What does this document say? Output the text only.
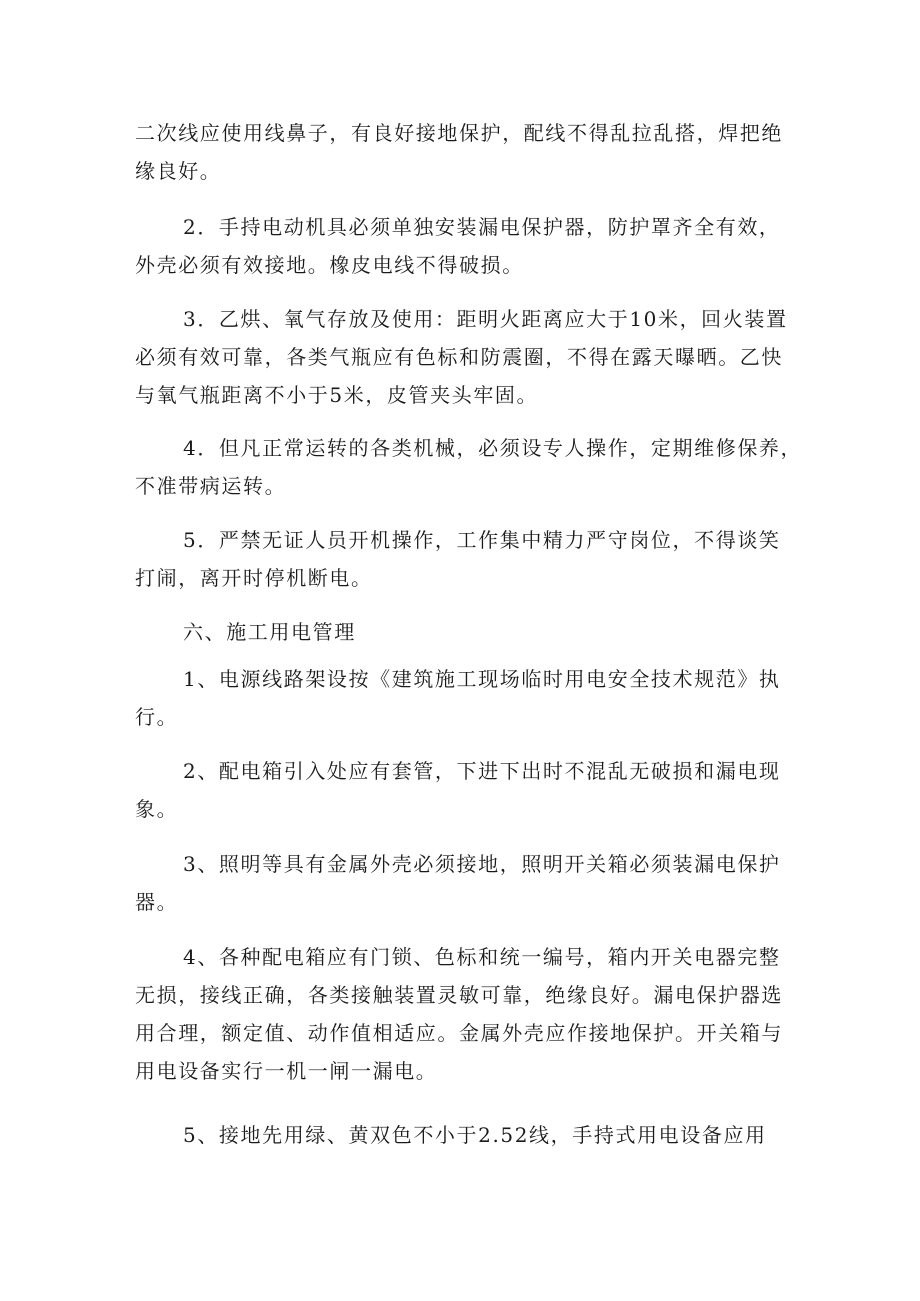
二次线应使用线鼻子，有良好接地保护，配线不得乱拉乱搭，焊把绝
缘良好。

2．手持电动机具必须单独安装漏电保护器，防护罩齐全有效，
外壳必须有效接地。橡皮电线不得破损。

3．乙烘、氧气存放及使用：距明火距离应大于10米，回火装置
必须有效可靠，各类气瓶应有色标和防震圈，不得在露天曝晒。乙快
与氧气瓶距离不小于5米，皮管夹头牢固。

4．但凡正常运转的各类机械，必须设专人操作，定期维修保养，
不准带病运转。

5．严禁无证人员开机操作，工作集中精力严守岗位，不得谈笑
打闹，离开时停机断电。

六、施工用电管理

1、电源线路架设按《建筑施工现场临时用电安全技术规范》执
行。

2、配电箱引入处应有套管，下进下出时不混乱无破损和漏电现
象。

3、照明等具有金属外壳必须接地，照明开关箱必须装漏电保护
器。

4、各种配电箱应有门锁、色标和统一编号，箱内开关电器完整
无损，接线正确，各类接触装置灵敏可靠，绝缘良好。漏电保护器选
用合理，额定值、动作值相适应。金属外壳应作接地保护。开关箱与
用电设备实行一机一闸一漏电。

5、接地先用绿、黄双色不小于2.52线，手持式用电设备应用
